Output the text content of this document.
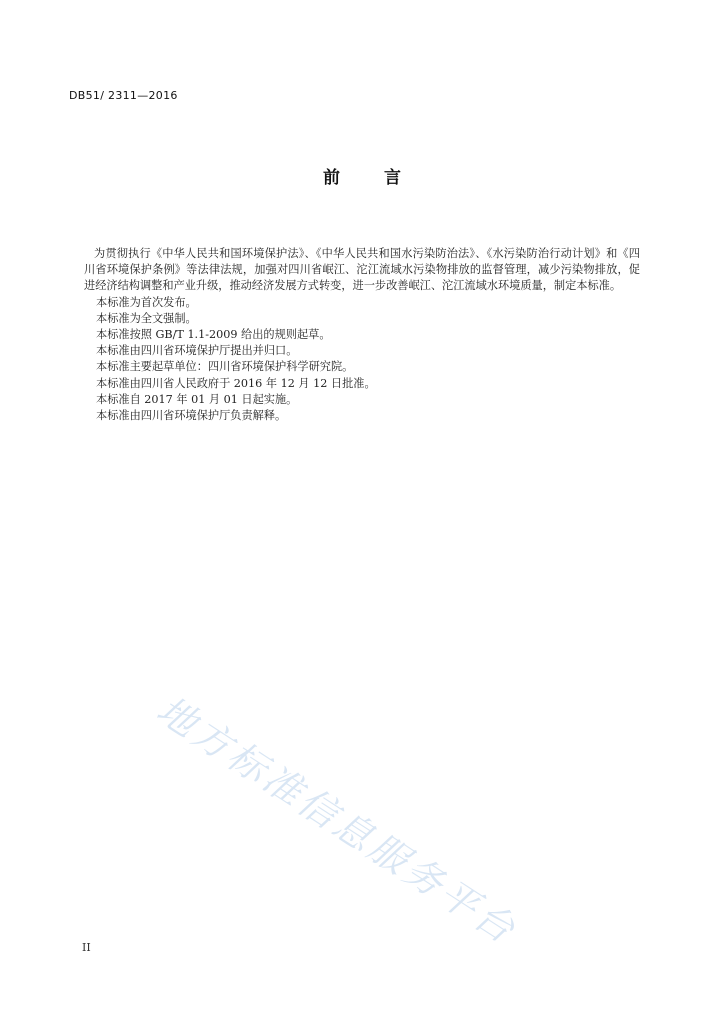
DB51/ 2311—2016
前	言

为贯彻执行《中华人民共和国环境保护法》、《中华人民共和国水污染防治法》、《水污染防治行动计划》和《四川省环境保护条例》等法律法规，加强对四川省岷江、沱江流域水污染物排放的监督管理，减少污染物排放，促进经济结构调整和产业升级，推动经济发展方式转变，进一步改善岷江、沱江流域水环境质量，制定本标准。

本标准为首次发布。

本标准为全文强制。

本标准按照 GB/T 1.1-2009 给出的规则起草。

本标准由四川省环境保护厅提出并归口。

本标准主要起草单位：四川省环境保护科学研究院。

本标准由四川省人民政府于 2016 年 12 月 12 日批准。

本标准自 2017 年 01 月 01 日起实施。

本标准由四川省环境保护厅负责解释。

地方标准信息服务平台
II
